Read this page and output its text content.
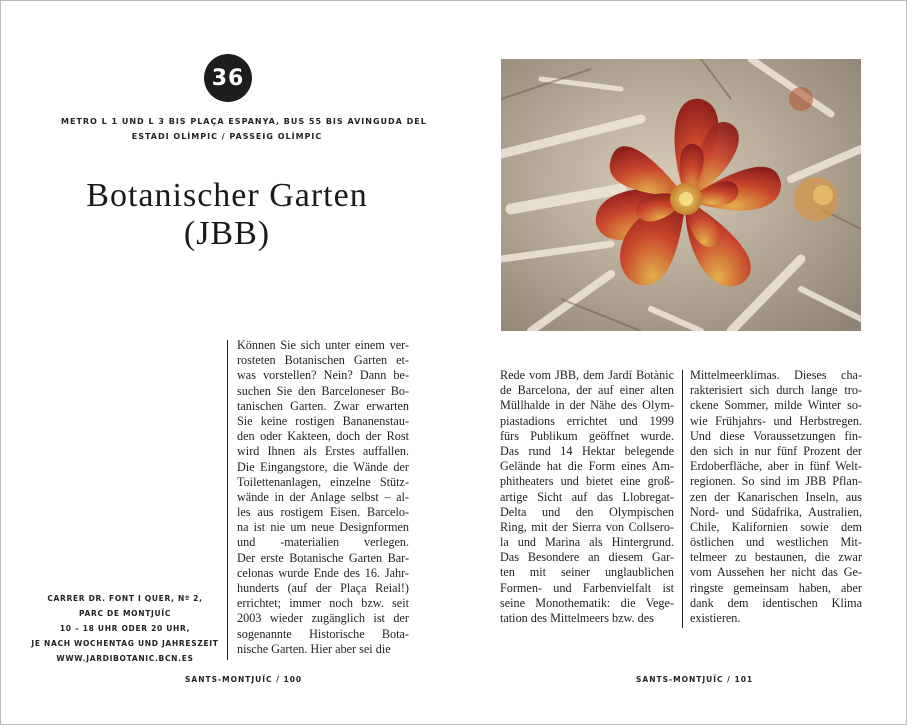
36
METRO L 1 UND L 3 BIS PLAÇA ESPANYA, BUS 55 BIS AVINGUDA DEL
ESTADI OLÍMPIC / PASSEIG OLÍMPIC
Botanischer Garten
(JBB)
Können Sie sich unter einem ver-
rosteten Botanischen Garten et-
was vorstellen? Nein? Dann be-
suchen Sie den Barceloneser Bo-
tanischen Garten. Zwar erwarten
Sie keine rostigen Bananenstau-
den oder Kakteen, doch der Rost
wird Ihnen als Erstes auffallen.
Die Eingangstore, die Wände der
Toilettenanlagen, einzelne Stütz-
wände in der Anlage selbst – al-
les aus rostigem Eisen. Barcelo-
na ist nie um neue Designformen
und -materialien verlegen.
Der erste Botanische Garten Bar-
celonas wurde Ende des 16. Jahr-
hunderts (auf der Plaça Reial!)
errichtet; immer noch bzw. seit
2003 wieder zugänglich ist der
sogenannte Historische Bota-
nische Garten. Hier aber sei die
CARRER DR. FONT I QUER, Nº 2,
PARC DE MONTJUÏC
10 – 18 UHR ODER 20 UHR,
JE NACH WOCHENTAG UND JAHRESZEIT
WWW.JARDIBOTANIC.BCN.ES
SANTS-MONTJUÏC / 100
Rede vom JBB, dem Jardí Botànic
de Barcelona, der auf einer alten
Müllhalde in der Nähe des Olym-
piastadions errichtet und 1999
fürs Publikum geöffnet wurde.
Das rund 14 Hektar belegende
Gelände hat die Form eines Am-
phitheaters und bietet eine groß-
artige Sicht auf das Llobregat-
Delta und den Olympischen
Ring, mit der Sierra von Collsero-
la und Marina als Hintergrund.
Das Besondere an diesem Gar-
ten mit seiner unglaublichen
Formen- und Farbenvielfalt ist
seine Monothematik: die Vege-
tation des Mittelmeers bzw. des
Mittelmeerklimas. Dieses cha-
rakterisiert sich durch lange tro-
ckene Sommer, milde Winter so-
wie Frühjahrs- und Herbstregen.
Und diese Voraussetzungen fin-
den sich in nur fünf Prozent der
Erdoberfläche, aber in fünf Welt-
regionen. So sind im JBB Pflan-
zen der Kanarischen Inseln, aus
Nord- und Südafrika, Australien,
Chile, Kalifornien sowie dem
östlichen und westlichen Mit-
telmeer zu bestaunen, die zwar
vom Aussehen her nicht das Ge-
ringste gemeinsam haben, aber
dank dem identischen Klima
existieren.
SANTS-MONTJUÏC / 101
